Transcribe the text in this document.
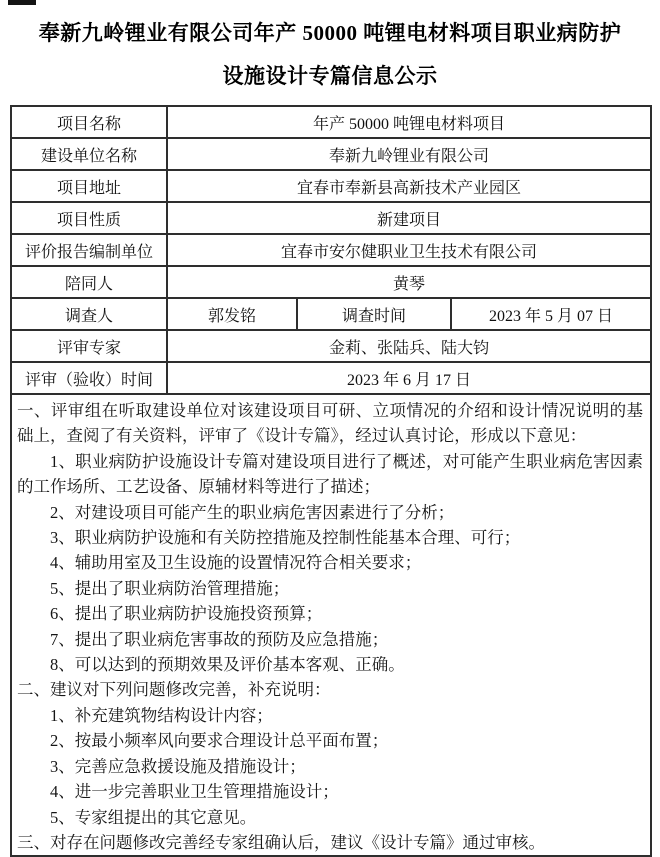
奉新九岭锂业有限公司年产 50000 吨锂电材料项目职业病防护
设施设计专篇信息公示
项目名称	年产 50000 吨锂电材料项目		
建设单位名称	奉新九岭锂业有限公司		
项目地址	宜春市奉新县高新技术产业园区		
项目性质	新建项目		
评价报告编制单位	宜春市安尔健职业卫生技术有限公司		
陪同人	黄琴		
调查人	郭发铭	调查时间	2023 年 5 月 07 日
评审专家	金莉、张陆兵、陆大钧		
评审（验收）时间	2023 年 6 月 17 日		

一、评审组在听取建设单位对该建设项目可研、立项情况的介绍和设计情况说明的基础上，查阅了有关资料，评审了《设计专篇》，经过认真讨论，形成以下意见：

1、职业病防护设施设计专篇对建设项目进行了概述，对可能产生职业病危害因素的工作场所、工艺设备、原辅材料等进行了描述；

2、对建设项目可能产生的职业病危害因素进行了分析；

3、职业病防护设施和有关防控措施及控制性能基本合理、可行；

4、辅助用室及卫生设施的设置情况符合相关要求；

5、提出了职业病防治管理措施；

6、提出了职业病防护设施投资预算；

7、提出了职业病危害事故的预防及应急措施；

8、可以达到的预期效果及评价基本客观、正确。

二、建议对下列问题修改完善，补充说明：

1、补充建筑物结构设计内容；

2、按最小频率风向要求合理设计总平面布置；

3、完善应急救援设施及措施设计；

4、进一步完善职业卫生管理措施设计；

5、专家组提出的其它意见。

三、对存在问题修改完善经专家组确认后，建议《设计专篇》通过审核。
